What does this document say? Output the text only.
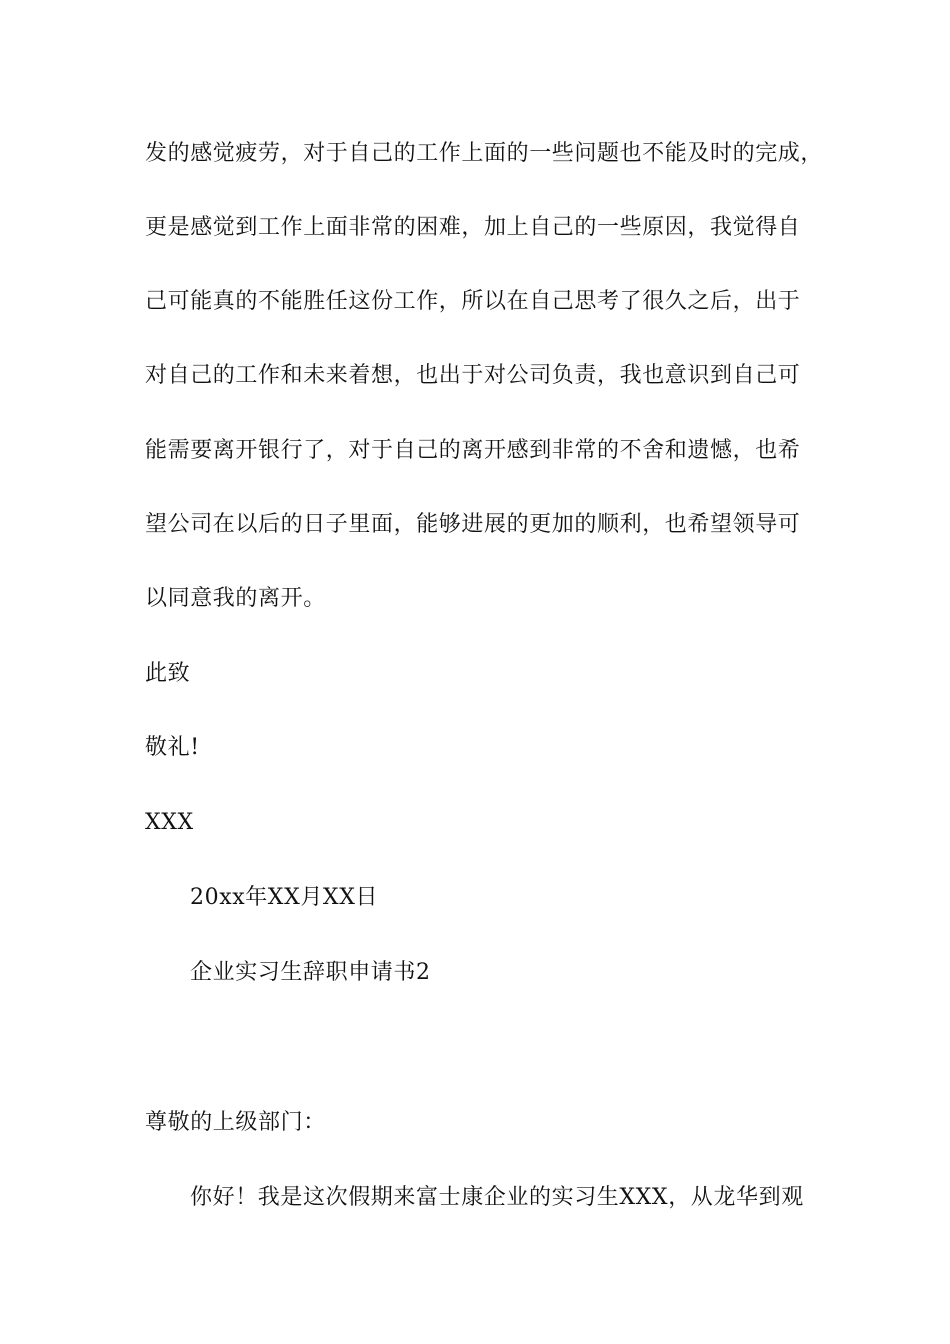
发的感觉疲劳，对于自己的工作上面的一些问题也不能及时的完成，
更是感觉到工作上面非常的困难，加上自己的一些原因，我觉得自
己可能真的不能胜任这份工作，所以在自己思考了很久之后，出于
对自己的工作和未来着想，也出于对公司负责，我也意识到自己可
能需要离开银行了，对于自己的离开感到非常的不舍和遗憾，也希
望公司在以后的日子里面，能够进展的更加的顺利，也希望领导可
以同意我的离开。
此致
敬礼!
XXX
20xx年XX月XX日
企业实习生辞职申请书2
尊敬的上级部门：
你好！我是这次假期来富士康企业的实习生XXX，从龙华到观
